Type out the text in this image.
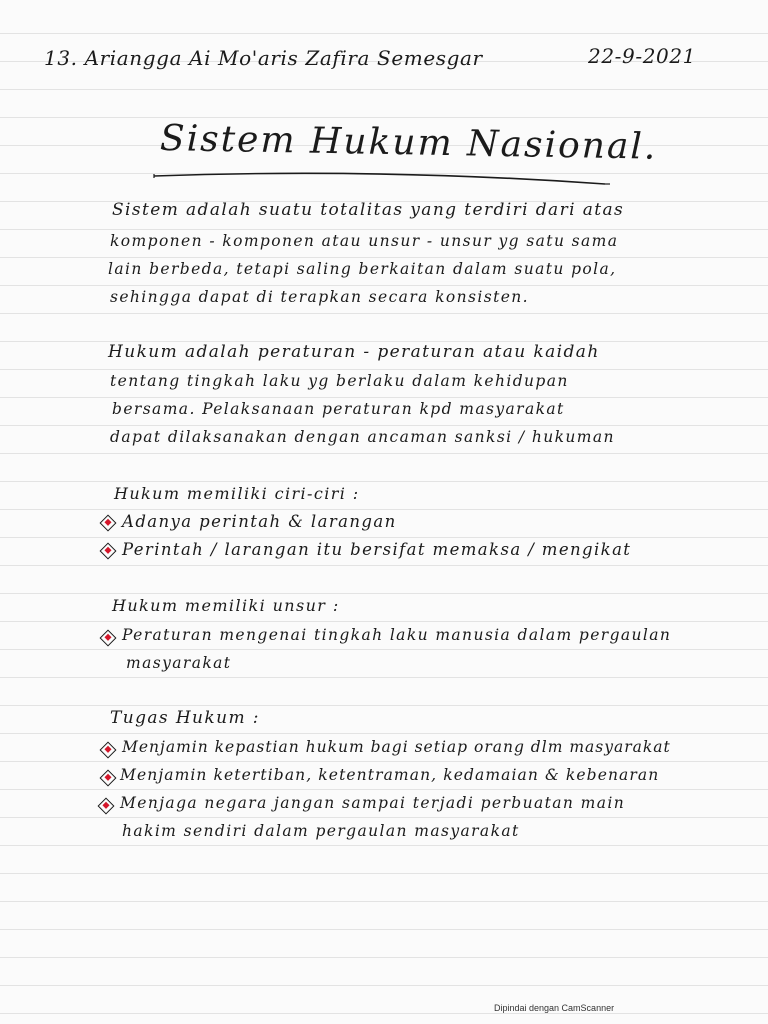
13. Ariangga Ai Mo'aris Zafira Semesgar	22-9-2021
Sistem Hukum Nasional.
Sistem adalah suatu totalitas yang terdiri dari atas
komponen - komponen atau unsur - unsur yg satu sama
lain berbeda, tetapi saling berkaitan dalam suatu pola,
sehingga dapat di terapkan secara konsisten.
Hukum adalah peraturan - peraturan atau kaidah
tentang tingkah laku yg berlaku dalam kehidupan
bersama. Pelaksanaan peraturan kpd masyarakat
dapat dilaksanakan dengan ancaman sanksi / hukuman
Hukum memiliki ciri-ciri :
Adanya perintah & larangan
Perintah / larangan itu bersifat memaksa / mengikat
Hukum memiliki unsur :
Peraturan mengenai tingkah laku manusia dalam pergaulan
masyarakat
Tugas Hukum :
Menjamin kepastian hukum bagi setiap orang dlm masyarakat
Menjamin ketertiban, ketentraman, kedamaian & kebenaran
Menjaga negara jangan sampai terjadi perbuatan main
hakim sendiri dalam pergaulan masyarakat
Dipindai dengan CamScanner
